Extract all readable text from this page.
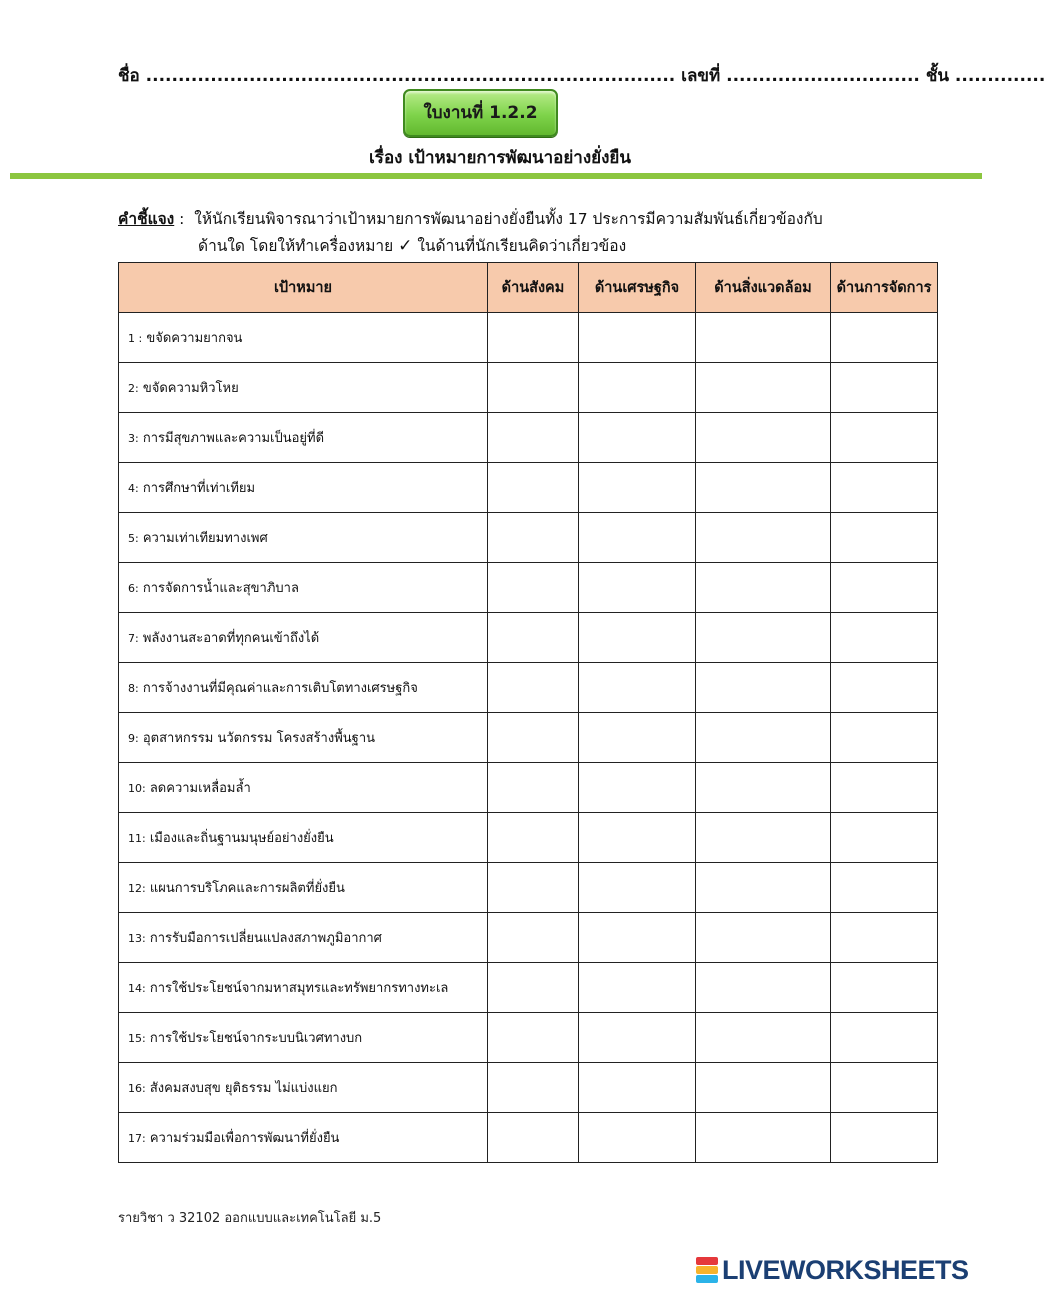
ชื่อ .................................................................................. เลขที่ .............................. ชั้น ..............
ใบงานที่ 1.2.2
เรื่อง เป้าหมายการพัฒนาอย่างยั่งยืน
คำชี้แจง : ให้นักเรียนพิจารณาว่าเป้าหมายการพัฒนาอย่างยั่งยืนทั้ง 17 ประการมีความสัมพันธ์เกี่ยวข้องกับ
ด้านใด โดยให้ทำเครื่องหมาย ✓ ในด้านที่นักเรียนคิดว่าเกี่ยวข้อง
เป้าหมาย	ด้านสังคม	ด้านเศรษฐกิจ	ด้านสิ่งแวดล้อม	ด้านการจัดการ
1 : ขจัดความยากจน				
2: ขจัดความหิวโหย				
3: การมีสุขภาพและความเป็นอยู่ที่ดี				
4: การศึกษาที่เท่าเทียม				
5: ความเท่าเทียมทางเพศ				
6: การจัดการน้ำและสุขาภิบาล				
7: พลังงานสะอาดที่ทุกคนเข้าถึงได้				
8: การจ้างงานที่มีคุณค่าและการเติบโตทางเศรษฐกิจ				
9: อุตสาหกรรม นวัตกรรม โครงสร้างพื้นฐาน				
10: ลดความเหลื่อมล้ำ				
11: เมืองและถิ่นฐานมนุษย์อย่างยั่งยืน				
12: แผนการบริโภคและการผลิตที่ยั่งยืน				
13: การรับมือการเปลี่ยนแปลงสภาพภูมิอากาศ				
14: การใช้ประโยชน์จากมหาสมุทรและทรัพยากรทางทะเล				
15: การใช้ประโยชน์จากระบบนิเวศทางบก				
16: สังคมสงบสุข ยุติธรรม ไม่แบ่งแยก				
17: ความร่วมมือเพื่อการพัฒนาที่ยั่งยืน				
รายวิชา ว 32102 ออกแบบและเทคโนโลยี ม.5
LIVEWORKSHEETS
